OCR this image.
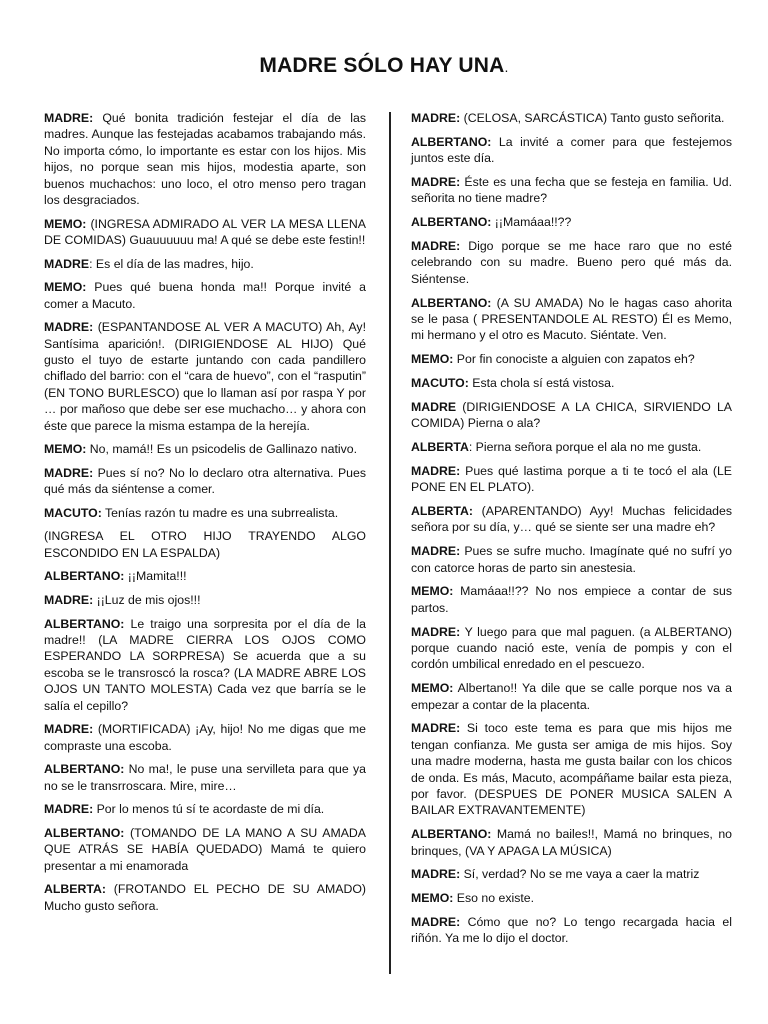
MADRE SÓLO HAY UNA.

MADRE: Qué bonita tradición festejar el día de las madres. Aunque las festejadas acabamos trabajando más. No importa cómo, lo importante es estar con los hijos. Mis hijos, no porque sean mis hijos, modestia aparte, son buenos muchachos: uno loco, el otro menso pero tragan los desgraciados.

MEMO: (INGRESA ADMIRADO AL VER LA MESA LLENA DE COMIDAS) Guauuuuuu ma! A qué se debe este festin!!

MADRE: Es el día de las madres, hijo.

MEMO: Pues qué buena honda ma!! Porque invité a comer a Macuto.

MADRE: (ESPANTANDOSE AL VER A MACUTO) Ah, Ay! Santísima aparición!. (DIRIGIENDOSE AL HIJO) Qué gusto el tuyo de estarte juntando con cada pandillero chiflado del barrio: con el “cara de huevo”, con el “rasputin” (EN TONO BURLESCO) que lo llaman así por raspa Y por … por mañoso que debe ser ese muchacho… y ahora con éste que parece la misma estampa de la herejía.

MEMO: No, mamá!! Es un psicodelis de Gallinazo nativo.

MADRE: Pues sí no? No lo declaro otra alternativa. Pues qué más da siéntense a comer.

MACUTO: Tenías razón tu madre es una subrrealista.

(INGRESA EL OTRO HIJO TRAYENDO ALGO ESCONDIDO EN LA ESPALDA)

ALBERTANO: ¡¡Mamita!!!

MADRE: ¡¡Luz de mis ojos!!!

ALBERTANO: Le traigo una sorpresita por el día de la madre!! (LA MADRE CIERRA LOS OJOS COMO ESPERANDO LA SORPRESA) Se acuerda que a su escoba se le transroscó la rosca? (LA MADRE ABRE LOS OJOS UN TANTO MOLESTA) Cada vez que barría se le salía el cepillo?

MADRE: (MORTIFICADA) ¡Ay, hijo! No me digas que me compraste una escoba.

ALBERTANO: No ma!, le puse una servilleta para que ya no se le transrroscara. Mire, mire…

MADRE: Por lo menos tú sí te acordaste de mi día.

ALBERTANO: (TOMANDO DE LA MANO A SU AMADA QUE ATRÁS SE HABÍA QUEDADO) Mamá te quiero presentar a mi enamorada

ALBERTA: (FROTANDO EL PECHO DE SU AMADO) Mucho gusto señora.

MADRE: (CELOSA, SARCÁSTICA) Tanto gusto señorita.

ALBERTANO: La invité a comer para que festejemos juntos este día.

MADRE: Éste es una fecha que se festeja en familia. Ud. señorita no tiene madre?

ALBERTANO: ¡¡Mamáaa!!??

MADRE: Digo porque se me hace raro que no esté celebrando con su madre. Bueno pero qué más da. Siéntense.

ALBERTANO: (A SU AMADA) No le hagas caso ahorita se le pasa ( PRESENTANDOLE AL RESTO) Él es Memo, mi hermano y el otro es Macuto. Siéntate. Ven.

MEMO: Por fin conociste a alguien con zapatos eh?

MACUTO: Esta chola sí está vistosa.

MADRE (DIRIGIENDOSE A LA CHICA, SIRVIENDO LA COMIDA) Pierna o ala?

ALBERTA: Pierna señora porque el ala no me gusta.

MADRE: Pues qué lastima porque a ti te tocó el ala (LE PONE EN EL PLATO).

ALBERTA: (APARENTANDO) Ayy! Muchas felicidades señora por su día, y… qué se siente ser una madre eh?

MADRE: Pues se sufre mucho. Imagínate qué no sufrí yo con catorce horas de parto sin anestesia.

MEMO: Mamáaa!!?? No nos empiece a contar de sus partos.

MADRE: Y luego para que mal paguen. (a ALBERTANO) porque cuando nació este, venía de pompis y con el cordón umbilical enredado en el pescuezo.

MEMO: Albertano!! Ya dile que se calle porque nos va a empezar a contar de la placenta.

MADRE: Si toco este tema es para que mis hijos me tengan confianza. Me gusta ser amiga de mis hijos. Soy una madre moderna, hasta me gusta bailar con los chicos de onda. Es más, Macuto, acompáñame bailar esta pieza, por favor. (DESPUES DE PONER MUSICA SALEN A BAILAR EXTRAVANTEMENTE)

ALBERTANO: Mamá no bailes!!, Mamá no brinques, no brinques, (VA Y APAGA LA MÚSICA)

MADRE: Sí, verdad? No se me vaya a caer la matriz

MEMO: Eso no existe.

MADRE: Cómo que no? Lo tengo recargada hacia el riñón. Ya me lo dijo el doctor.
